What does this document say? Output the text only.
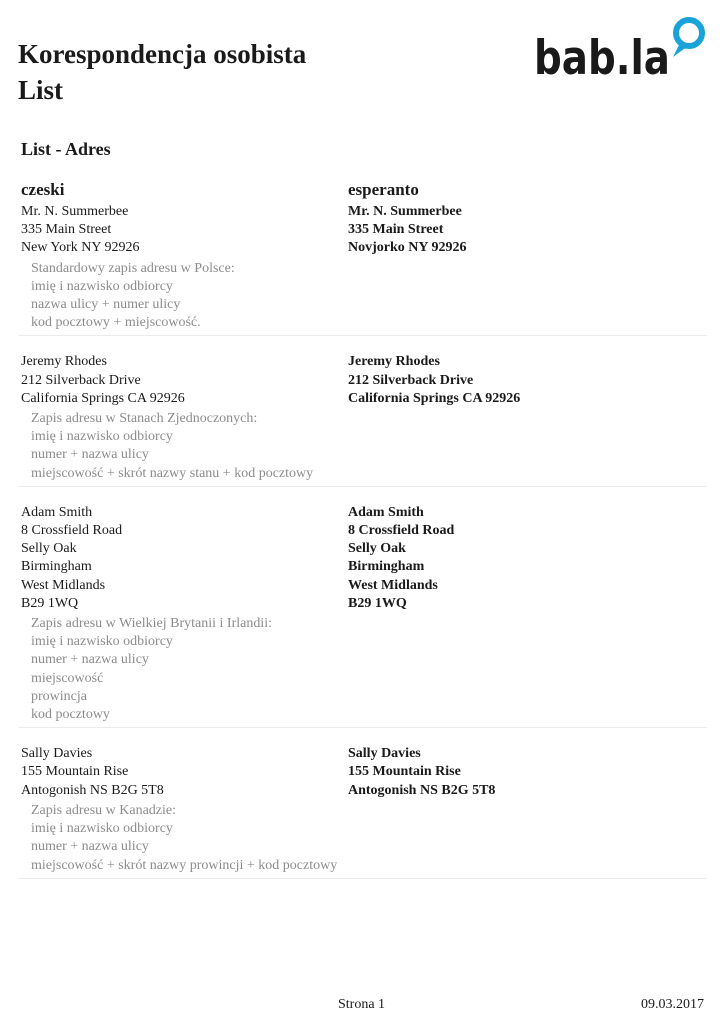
Korespondencja osobista
List
bab.la
List - Adres
czeski	esperanto
Mr. N. Summerbee
335 Main Street
New York NY 92926
Mr. N. Summerbee
335 Main Street
Novjorko NY 92926
Standardowy zapis adresu w Polsce:
imię i nazwisko odbiorcy
nazwa ulicy + numer ulicy
kod pocztowy + miejscowość.
Jeremy Rhodes
212 Silverback Drive
California Springs CA 92926
Jeremy Rhodes
212 Silverback Drive
California Springs CA 92926
Zapis adresu w Stanach Zjednoczonych:
imię i nazwisko odbiorcy
numer + nazwa ulicy
miejscowość + skrót nazwy stanu + kod pocztowy
Adam Smith
8 Crossfield Road
Selly Oak
Birmingham
West Midlands
B29 1WQ
Adam Smith
8 Crossfield Road
Selly Oak
Birmingham
West Midlands
B29 1WQ
Zapis adresu w Wielkiej Brytanii i Irlandii:
imię i nazwisko odbiorcy
numer + nazwa ulicy
miejscowość
prowincja
kod pocztowy
Sally Davies
155 Mountain Rise
Antogonish NS B2G 5T8
Sally Davies
155 Mountain Rise
Antogonish NS B2G 5T8
Zapis adresu w Kanadzie:
imię i nazwisko odbiorcy
numer + nazwa ulicy
miejscowość + skrót nazwy prowincji + kod pocztowy
Strona 1	09.03.2017
